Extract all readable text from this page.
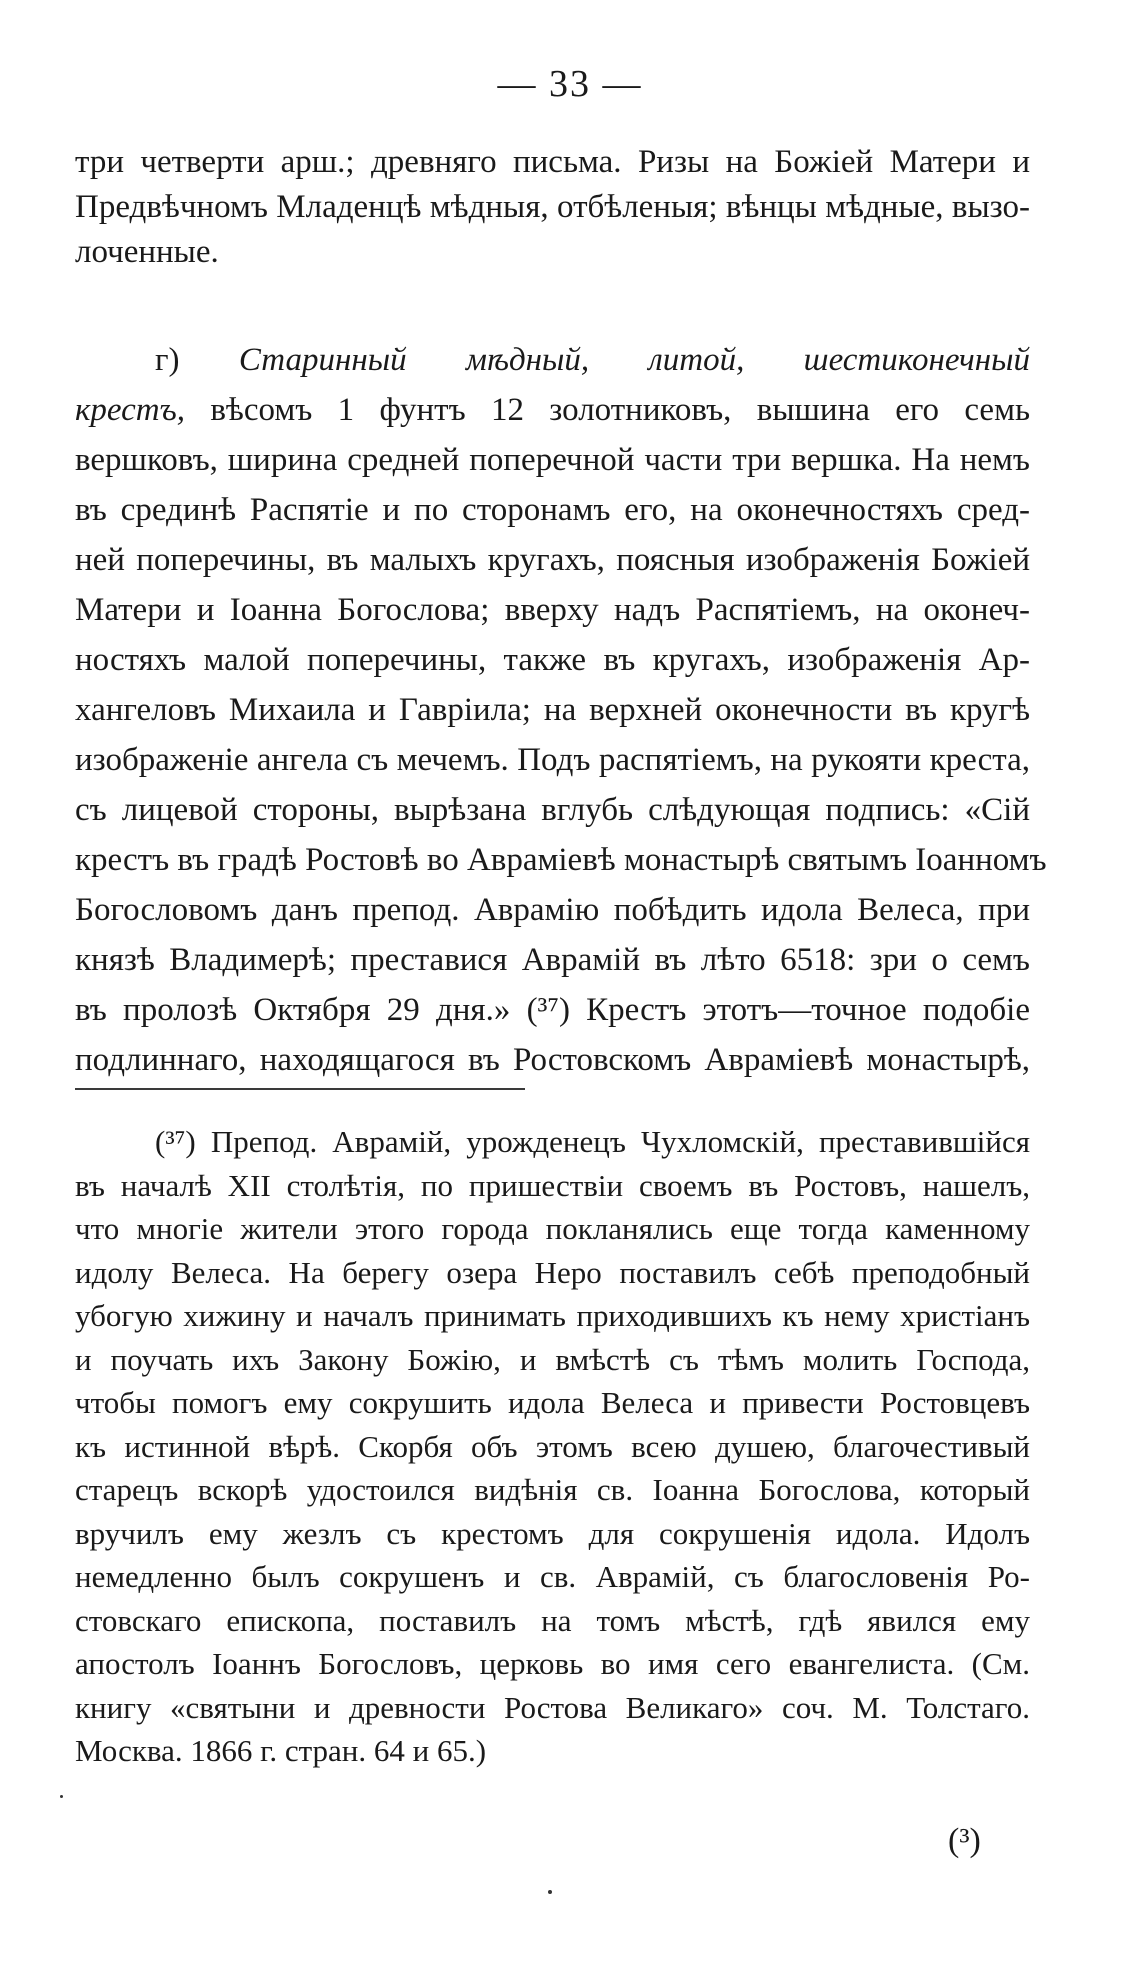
— 33 —
три четверти арш.; древняго письма. Ризы на Божіей Матери и
Предвѣчномъ Младенцѣ мѣдныя, отбѣленыя; вѣнцы мѣдные, вызо-
лоченные.
г) Старинный мѣдный, литой, шестиконечный
крестъ, вѣсомъ 1 фунтъ 12 золотниковъ, вышина его семь
вершковъ, ширина средней поперечной части три вершка. На немъ
въ срединѣ Распятіе и по сторонамъ его, на оконечностяхъ сред-
ней поперечины, въ малыхъ кругахъ, поясныя изображенія Божіей
Матери и Іоанна Богослова; вверху надъ Распятіемъ, на оконеч-
ностяхъ малой поперечины, также въ кругахъ, изображенія Ар-
хангеловъ Михаила и Гавріила; на верхней оконечности въ кругѣ
изображеніе ангела съ мечемъ. Подъ распятіемъ, на рукояти креста,
съ лицевой стороны, вырѣзана вглубь слѣдующая подпись: «Сій
крестъ въ градѣ Ростовѣ во Авраміевѣ монастырѣ святымъ Іоанномъ
Богословомъ данъ препод. Аврамію побѣдить идола Велеса, при
князѣ Владимерѣ; преставися Аврамій въ лѣто 6518: зри о семъ
въ пролозѣ Октября 29 дня.» (³⁷) Крестъ этотъ—точное подобіе
подлиннаго, находящагося въ Ростовскомъ Авраміевѣ монастырѣ,
(³⁷) Препод. Аврамій, урожденецъ Чухломскій, преставившійся
въ началѣ XII столѣтія, по пришествіи своемъ въ Ростовъ, нашелъ,
что многіе жители этого города покланялись еще тогда каменному
идолу Велеса. На берегу озера Неро поставилъ себѣ преподобный
убогую хижину и началъ принимать приходившихъ къ нему христіанъ
и поучать ихъ Закону Божію, и вмѣстѣ съ тѣмъ молить Господа,
чтобы помогъ ему сокрушить идола Велеса и привести Ростовцевъ
къ истинной вѣрѣ. Скорбя объ этомъ всею душею, благочестивый
старецъ вскорѣ удостоился видѣнія св. Іоанна Богослова, который
вручилъ ему жезлъ съ крестомъ для сокрушенія идола. Идолъ
немедленно былъ сокрушенъ и св. Аврамій, съ благословенія Ро-
стовскаго епископа, поставилъ на томъ мѣстѣ, гдѣ явился ему
апостолъ Іоаннъ Богословъ, церковь во имя сего евангелиста. (См.
книгу «святыни и древности Ростова Великаго» соч. М. Толстаго.
Москва. 1866 г. стран. 64 и 65.)
(³)
